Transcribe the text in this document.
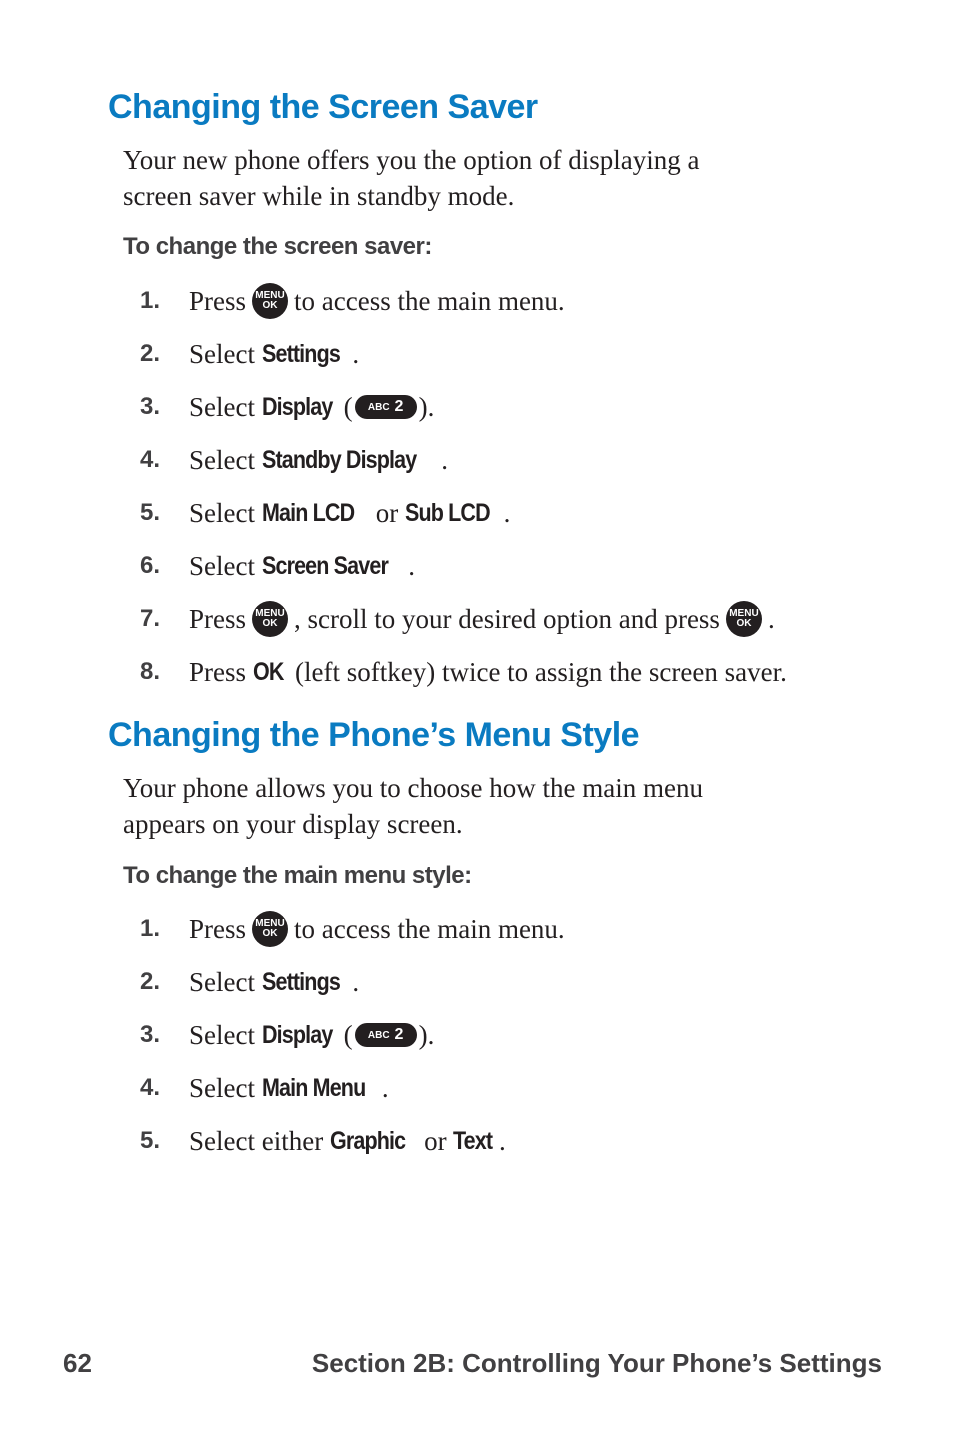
Changing the Screen Saver
Your new phone offers you the option of displaying a
screen saver while in standby mode.
To change the screen saver:
1.	Press MENU
OK to access the main menu.
2.	Select
Settings .
3.	Select
Display ( ABC 2 ).
4.	Select
Standby Display .
5.	Select
Main LCD
or
Sub LCD .
6.	Select
Screen Saver .
7.	Press MENU
OK , scroll to your desired option and press MENU
OK .
8.	Press
OK
(left softkey) twice to assign the screen saver.
Changing the Phone’s Menu Style
Your phone allows you to choose how the main menu
appears on your display screen.
To change the main menu style:
1.	Press MENU
OK to access the main menu.
2.	Select
Settings .
3.	Select
Display ( ABC 2 ).
4.	Select
Main Menu .
5.	Select either
Graphic
or
Text .
62	Section 2B: Controlling Your Phone’s Settings
